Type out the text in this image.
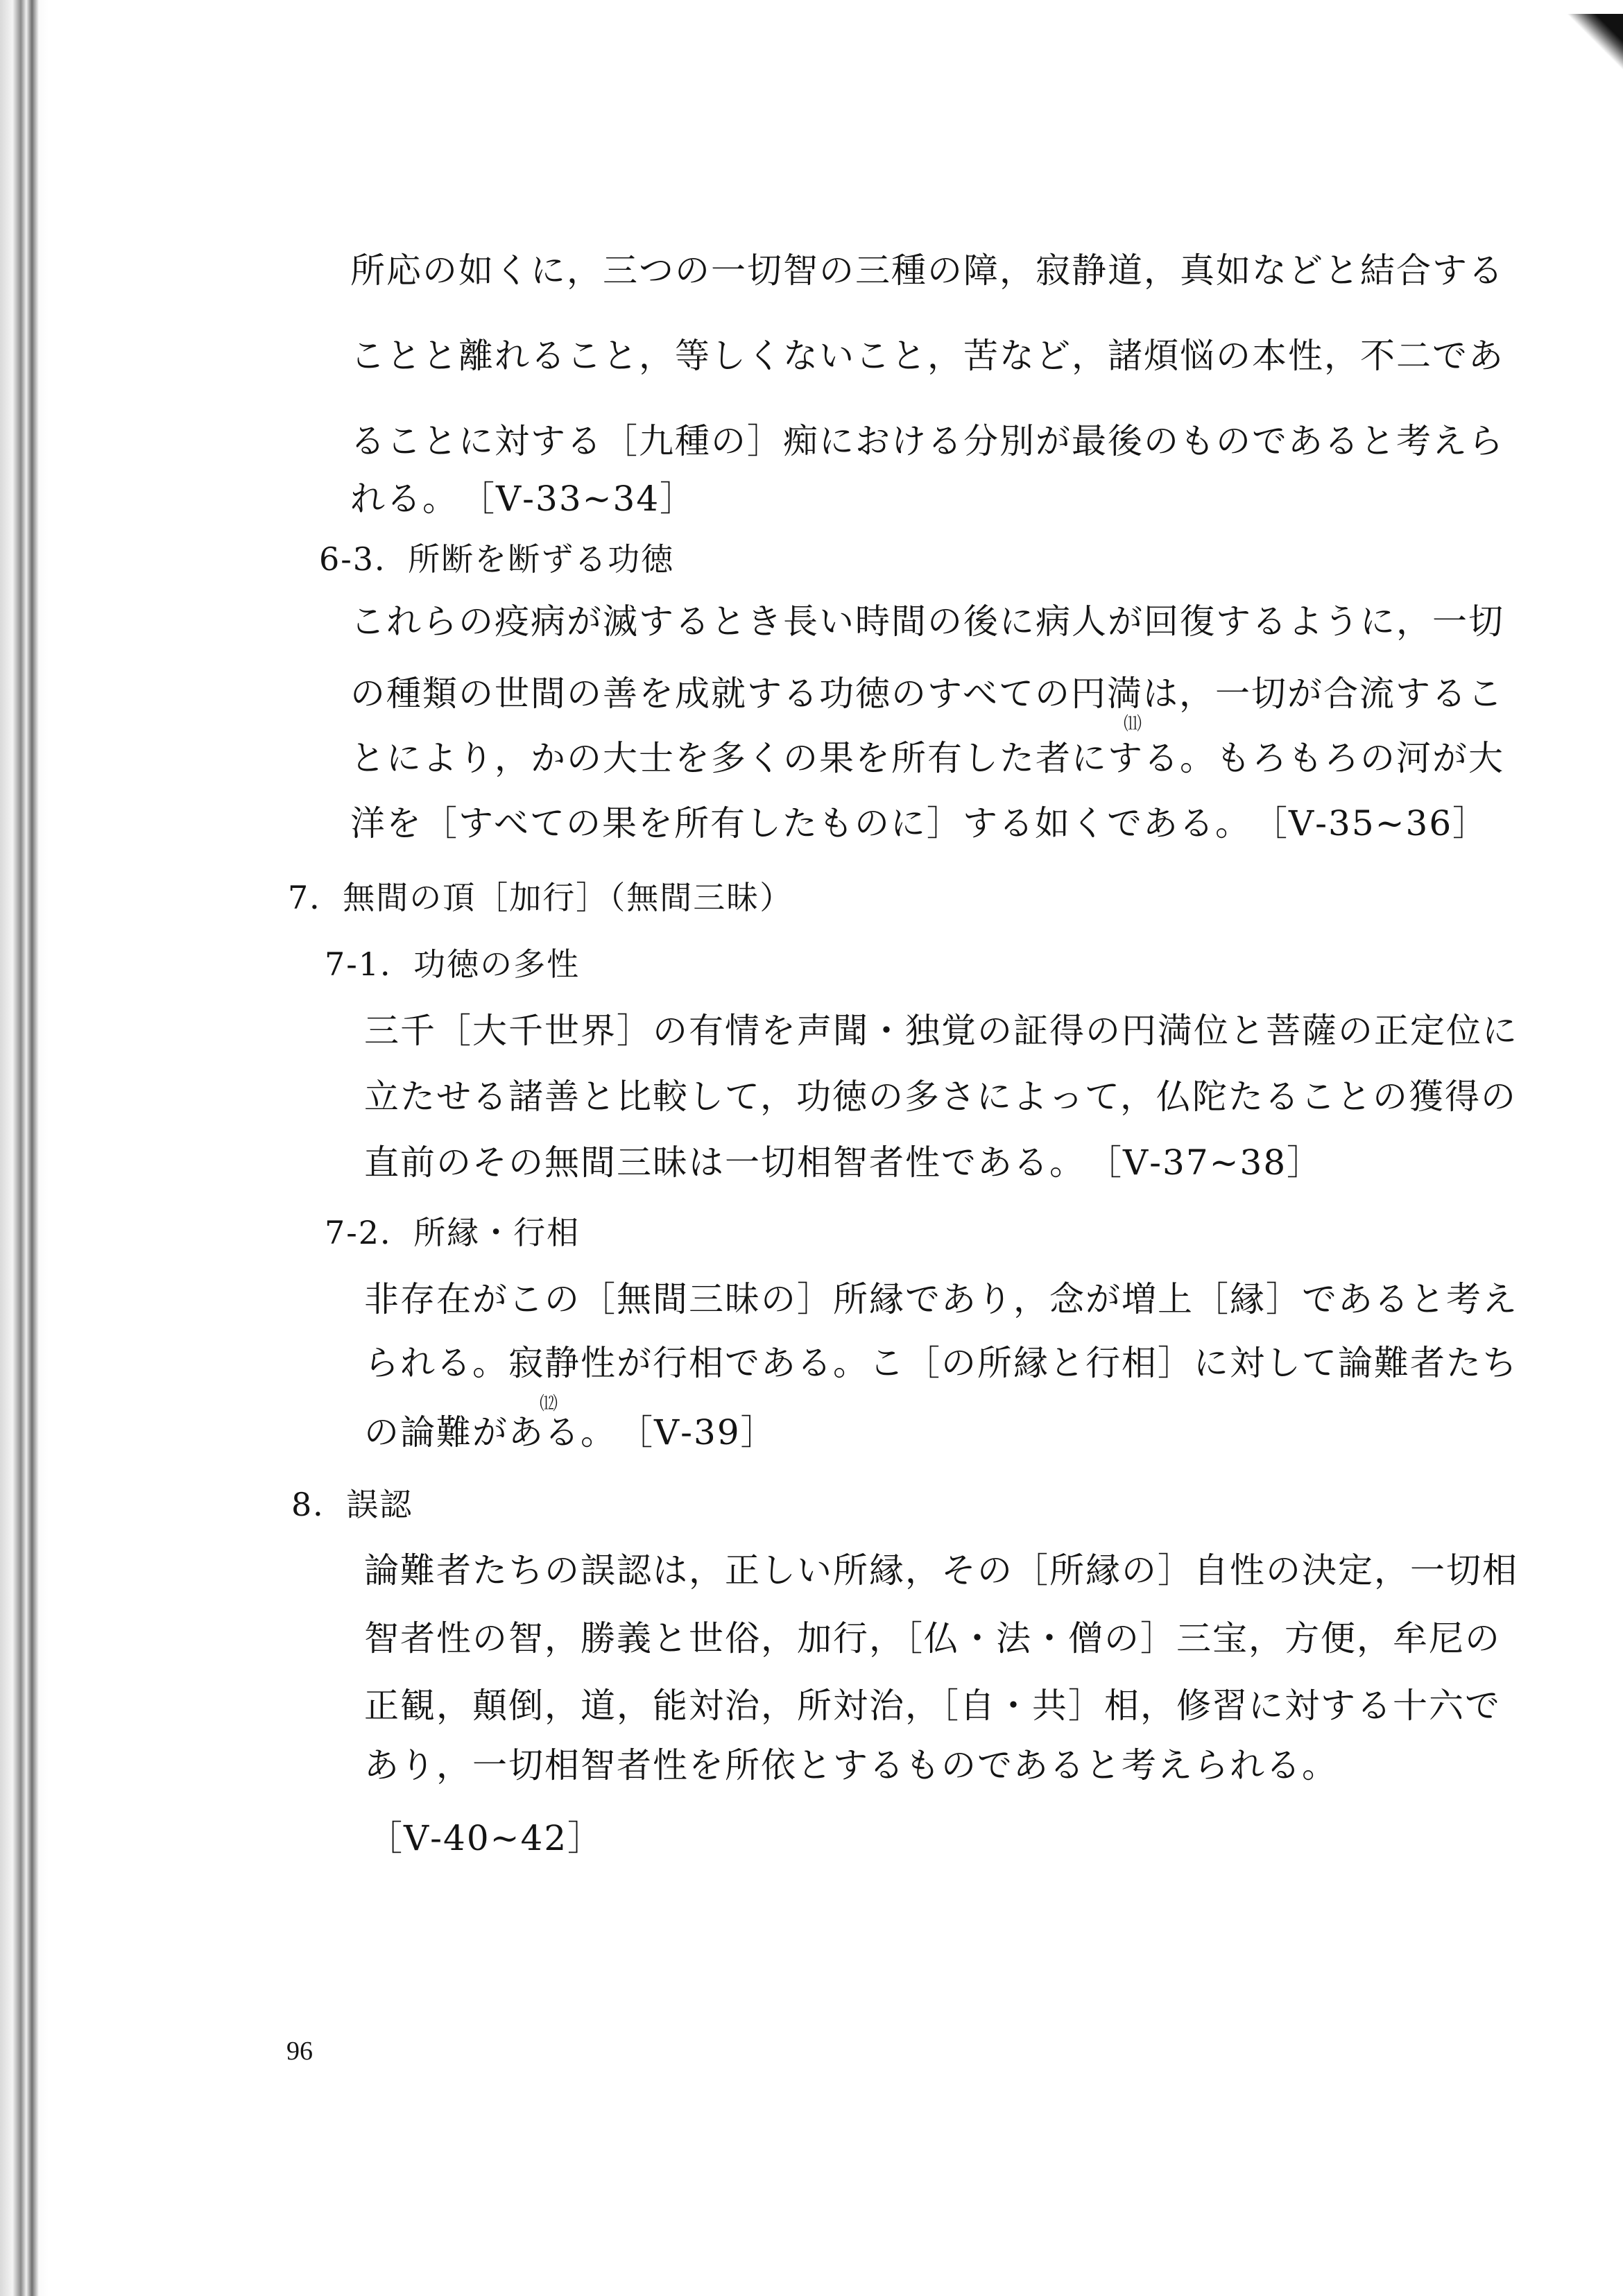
所応の如くに，三つの一切智の三種の障，寂静道，真如などと結合する
ことと離れること，等しくないこと，苦など，諸煩悩の本性，不二であ
ることに対する［九種の］痴における分別が最後のものであると考えら
れる。　［Ⅴ-33~34］
6-3．所断を断ずる功徳
これらの疫病が滅するとき長い時間の後に病人が回復するように，一切
の種類の世間の善を成就する功徳のすべての円満は，一切が合流するこ
とにより，かの大士を多くの果を所有した者にする。もろもろの河が大
洋を［すべての果を所有したものに］する如くである。　［Ⅴ-35~36］
7．無間の頂［加行］（無間三昧）
7-1．功徳の多性
三千［大千世界］の有情を声聞・独覚の証得の円満位と菩薩の正定位に
立たせる諸善と比較して，功徳の多さによって，仏陀たることの獲得の
直前のその無間三昧は一切相智者性である。　［Ⅴ-37~38］
7-2．所縁・行相
非存在がこの［無間三昧の］所縁であり，念が増上［縁］であると考え
られる。寂静性が行相である。こ［の所縁と行相］に対して論難者たち
の論難がある。　［Ⅴ-39］
8．誤認
論難者たちの誤認は，正しい所縁，その［所縁の］自性の決定，一切相
智者性の智，勝義と世俗，加行，［仏・法・僧の］三宝，方便，牟尼の
正観，顛倒，道，能対治，所対治，［自・共］相，修習に対する十六で
あり，一切相智者性を所依とするものであると考えられる。
［Ⅴ-40~42］
⑾
⑿
96
